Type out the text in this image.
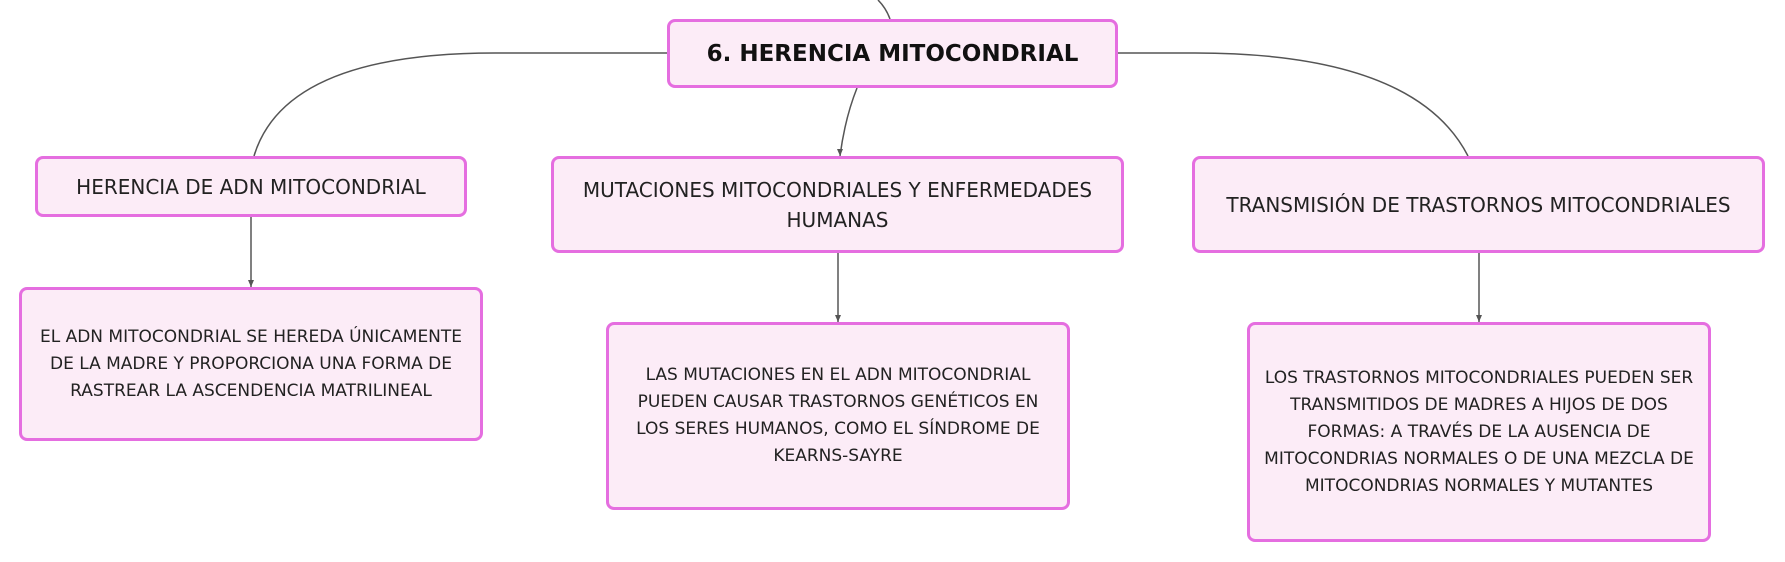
6. HERENCIA MITOCONDRIAL
HERENCIA DE ADN MITOCONDRIAL	MUTACIONES MITOCONDRIALES Y ENFERMEDADES HUMANAS
TRANSMISIÓN DE TRASTORNOS MITOCONDRIALES
EL ADN MITOCONDRIAL SE HEREDA ÚNICAMENTE DE LA MADRE Y PROPORCIONA UNA FORMA DE RASTREAR LA ASCENDENCIA MATRILINEAL
LAS MUTACIONES EN EL ADN MITOCONDRIAL PUEDEN CAUSAR TRASTORNOS GENÉTICOS EN LOS SERES HUMANOS, COMO EL SÍNDROME DE KEARNS-SAYRE
LOS TRASTORNOS MITOCONDRIALES PUEDEN SER TRANSMITIDOS DE MADRES A HIJOS DE DOS FORMAS: A TRAVÉS DE LA AUSENCIA DE MITOCONDRIAS NORMALES O DE UNA MEZCLA DE MITOCONDRIAS NORMALES Y MUTANTES
